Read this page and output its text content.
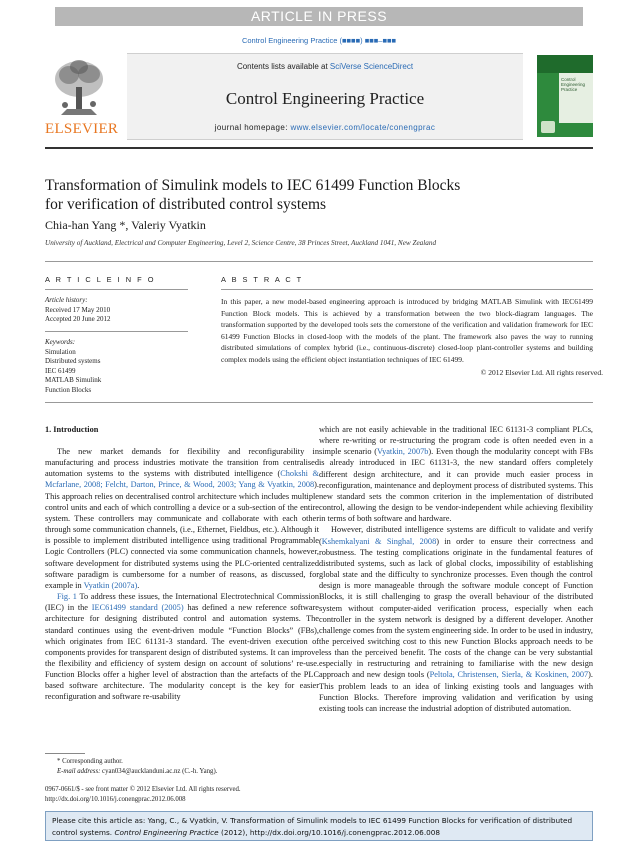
ARTICLE IN PRESS
Control Engineering Practice (■■■■) ■■■–■■■
ELSEVIER
Contents lists available at SciVerse ScienceDirect
Control Engineering Practice
journal homepage: www.elsevier.com/locate/conengprac
Control Engineering Practice
Transformation of Simulink models to IEC 61499 Function Blocks
for verification of distributed control systems
Chia-han Yang *, Valeriy Vyatkin
University of Auckland, Electrical and Computer Engineering, Level 2, Science Centre, 38 Princes Street, Auckland 1041, New Zealand
A R T I C L E I N F O	A B S T R A C T
Article history:
Received 17 May 2010
Accepted 20 June 2012
Keywords:
Simulation
Distributed systems
IEC 61499
MATLAB Simulink
Function Blocks
In this paper, a new model-based engineering approach is introduced by bridging MATLAB Simulink with IEC61499 Function Block models. This is achieved by a transformation between the two block-diagram languages. The transformation supported by the developed tools sets the cornerstone of the verification and validation framework for IEC 61499 Function Blocks in closed-loop with the models of the plant. The framework also paves the way to running distributed simulations of complex hybrid (i.e., continuous-discrete) closed-loop plant-controller systems and building complex models using the efficient object instantiation techniques of IEC 61499.
© 2012 Elsevier Ltd. All rights reserved.
1. Introduction

The new market demands for flexibility and reconfigurability in manufacturing and process industries motivate the transition from centralised automation systems to the systems with distributed intelligence (Chokshi & Mcfarlane, 2008; Felcht, Darton, Prince, & Wood, 2003; Yang & Vyatkin, 2008). This approach relies on decentralised control architecture which includes multiple control units and each of which controlling a device or a sub-section of the entire system. These controllers may communicate and collaborate with each other through some communication channels, (i.e., Ethernet, Fieldbus, etc.). Although it is possible to implement distributed intelligence using traditional Programmable Logic Controllers (PLC) connected via some communication channels, however, software development for distributed systems using the PLC-oriented centralized software paradigm is cumbersome for a number of reasons, as discussed, for example in Vyatkin (2007a).

Fig. 1 To address these issues, the International Electrotechnical Commission (IEC) in the IEC61499 standard (2005) has defined a new reference software architecture for designing distributed control and automation systems. The standard continues using the event-driven module “Function Blocks” (FBs), which originates from IEC 61131-3 standard. The event-driven execution of components provides for transparent design of distributed systems. It can improve the flexibility and efficiency of system design on account of solutions’ re-use. Function Blocks offer a higher level of abstraction than the artefacts of the PLC based software architecture. The modularity concept is the key for easier reconfiguration and software re-usability

which are not easily achievable in the traditional IEC 61131-3 compliant PLCs, where re-writing or re-structuring the program code is often needed even in a simple scenario (Vyatkin, 2007b). Even though the modularity concept with FBs is already introduced in IEC 61131-3, the new standard offers completely different design architecture, and it can provide much easier process in reconfiguration, maintenance and deployment process of distributed systems. This new standard sets the common criterion in the implementation of distributed control, allowing the design to be vendor-independent while achieving flexibility in terms of both software and hardware.

However, distributed intelligence systems are difficult to validate and verify (Kshemkalyani & Singhal, 2008) in order to ensure their correctness and robustness. The testing complications originate in the fundamental features of distributed systems, such as lack of global clocks, impossibility of establishing global state and the difficulty to synchronize processes. Even though the control design is more manageable through the software module concept of Function Blocks, it is still challenging to grasp the overall behaviour of the distributed system without computer-aided verification process, especially when each controller in the system network is designed by a different developer. Another challenge comes from the system engineering side. In order to be used in industry, the perceived switching cost to this new Function Blocks approach needs to be less than the perceived benefit. The costs of the change can be very substantial especially in restructuring and retraining to familiarise with the new design approach and new design tools (Peltola, Christensen, Sierla, & Koskinen, 2007). This problem leads to an idea of linking existing tools and languages with Function Blocks. Therefore improving validation and verification by using existing tools can increase the industrial adoption of distributed automation.

* Corresponding author.
E-mail address: cyan034@aucklanduni.ac.nz (C.-h. Yang).
0967-0661/$ - see front matter © 2012 Elsevier Ltd. All rights reserved.
http://dx.doi.org/10.1016/j.conengprac.2012.06.008
Please cite this article as: Yang, C., & Vyatkin, V. Transformation of Simulink models to IEC 61499 Function Blocks for verification of distributed control systems. Control Engineering Practice (2012), http://dx.doi.org/10.1016/j.conengprac.2012.06.008
